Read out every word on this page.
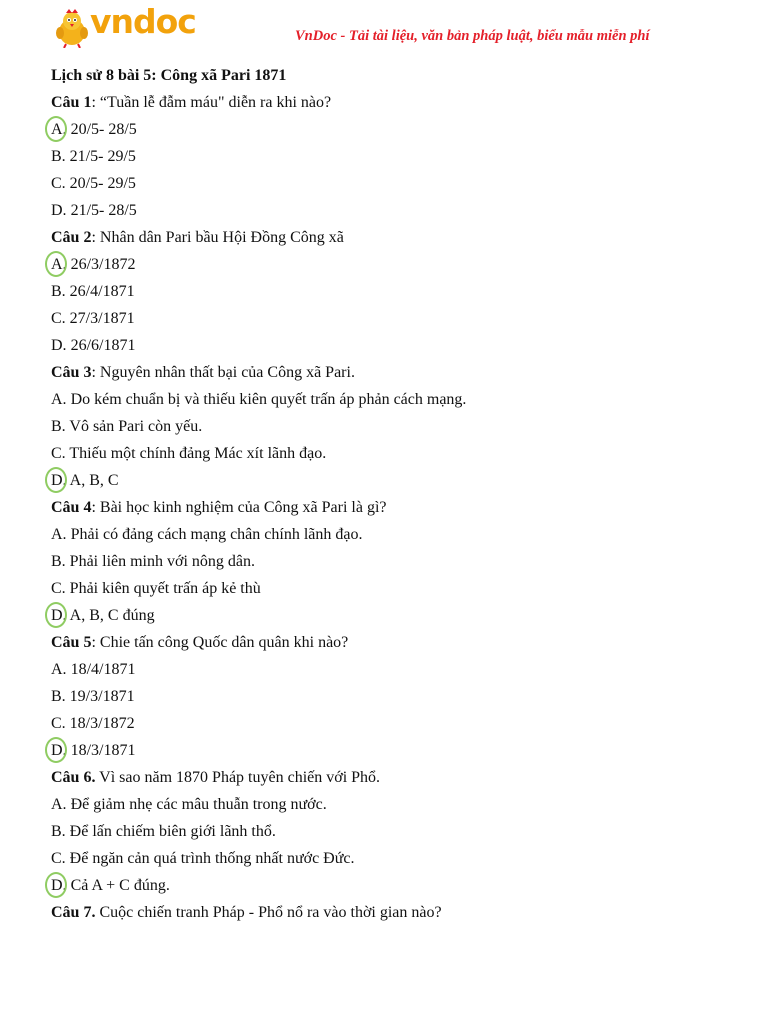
vndoc	VnDoc - Tải tài liệu, văn bản pháp luật, biểu mẫu miễn phí
Lịch sử 8 bài 5: Công xã Pari 1871
Câu 1: “Tuần lễ đẫm máu" diễn ra khi nào?
A. 20/5- 28/5
B. 21/5- 29/5
C. 20/5- 29/5
D. 21/5- 28/5
Câu 2: Nhân dân Pari bầu Hội Đồng Công xã
A. 26/3/1872
B. 26/4/1871
C. 27/3/1871
D. 26/6/1871
Câu 3: Nguyên nhân thất bại của Công xã Pari.
A. Do kém chuẩn bị và thiếu kiên quyết trấn áp phản cách mạng.
B. Vô sản Pari còn yếu.
C. Thiếu một chính đảng Mác xít lãnh đạo.
D. A, B, C
Câu 4: Bài học kinh nghiệm của Công xã Pari là gì?
A. Phải có đảng cách mạng chân chính lãnh đạo.
B. Phải liên minh với nông dân.
C. Phải kiên quyết trấn áp kẻ thù
D. A, B, C đúng
Câu 5: Chie tấn công Quốc dân quân khi nào?
A. 18/4/1871
B. 19/3/1871
C. 18/3/1872
D. 18/3/1871
Câu 6. Vì sao năm 1870 Pháp tuyên chiến với Phổ.
A. Để giảm nhẹ các mâu thuẫn trong nước.
B. Để lấn chiếm biên giới lãnh thổ.
C. Để ngăn cản quá trình thống nhất nước Đức.
D. Cả A + C đúng.
Câu 7. Cuộc chiến tranh Pháp - Phổ nổ ra vào thời gian nào?
